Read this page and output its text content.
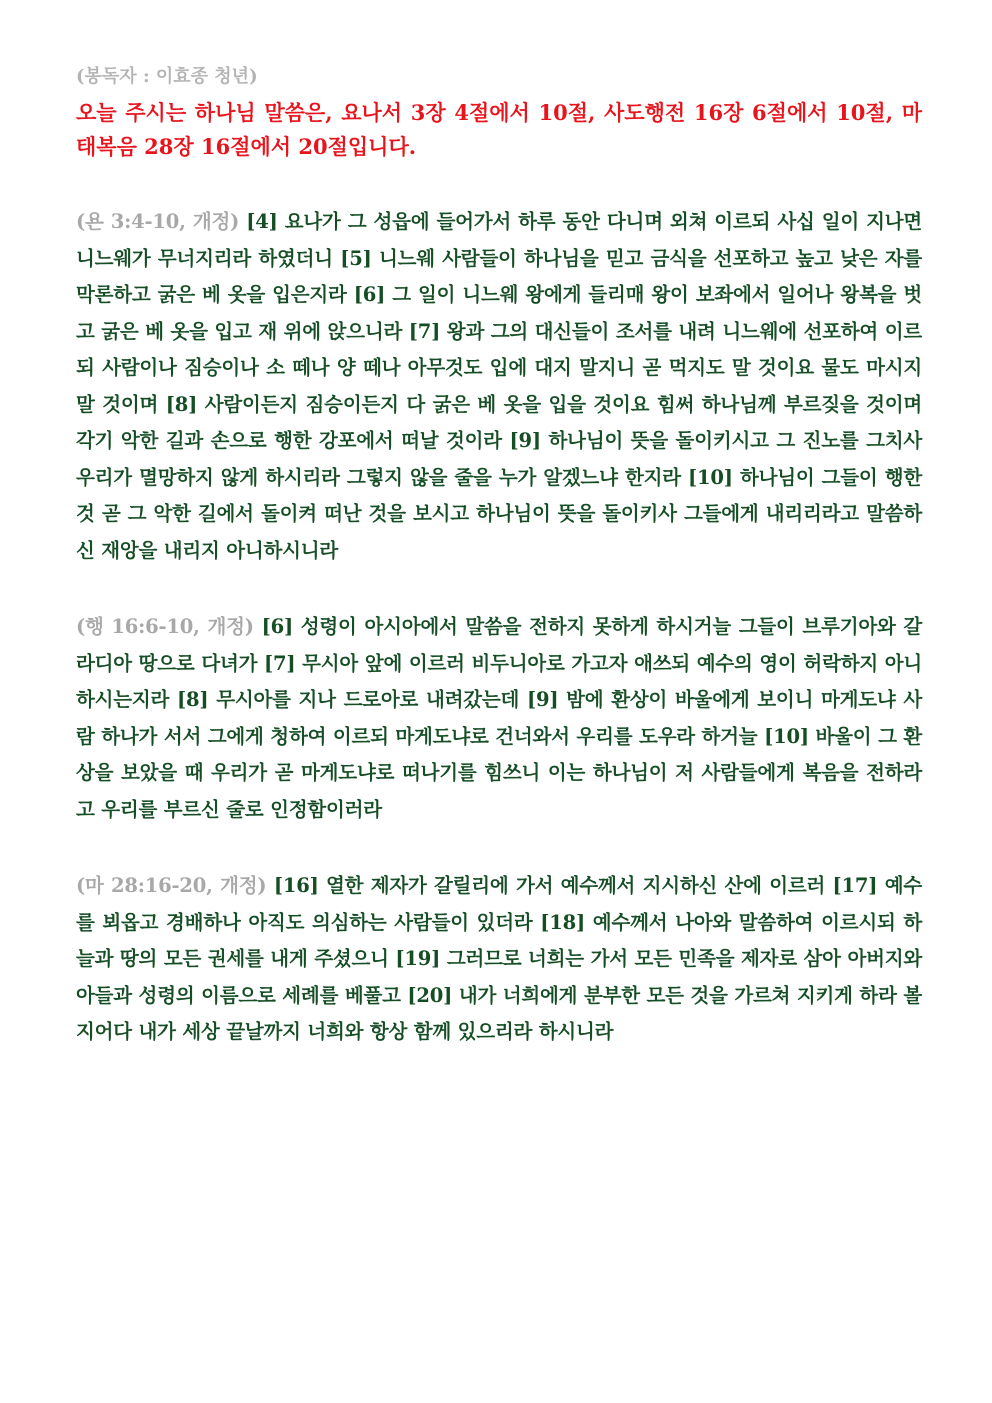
(봉독자 : 이효종 청년)

오늘 주시는 하나님 말씀은, 요나서 3장 4절에서 10절, 사도행전 16장 6절에서 10절, 마태복음 28장 16절에서 20절입니다.

(욘 3:4-10, 개정) [4] 요나가 그 성읍에 들어가서 하루 동안 다니며 외쳐 이르되 사십 일이 지나면 니느웨가 무너지리라 하였더니 [5] 니느웨 사람들이 하나님을 믿고 금식을 선포하고 높고 낮은 자를 막론하고 굵은 베 옷을 입은지라 [6] 그 일이 니느웨 왕에게 들리매 왕이 보좌에서 일어나 왕복을 벗고 굵은 베 옷을 입고 재 위에 앉으니라 [7] 왕과 그의 대신들이 조서를 내려 니느웨에 선포하여 이르되 사람이나 짐승이나 소 떼나 양 떼나 아무것도 입에 대지 말지니 곧 먹지도 말 것이요 물도 마시지 말 것이며 [8] 사람이든지 짐승이든지 다 굵은 베 옷을 입을 것이요 힘써 하나님께 부르짖을 것이며 각기 악한 길과 손으로 행한 강포에서 떠날 것이라 [9] 하나님이 뜻을 돌이키시고 그 진노를 그치사 우리가 멸망하지 않게 하시리라 그렇지 않을 줄을 누가 알겠느냐 한지라 [10] 하나님이 그들이 행한 것 곧 그 악한 길에서 돌이켜 떠난 것을 보시고 하나님이 뜻을 돌이키사 그들에게 내리리라고 말씀하신 재앙을 내리지 아니하시니라

(행 16:6-10, 개정) [6] 성령이 아시아에서 말씀을 전하지 못하게 하시거늘 그들이 브루기아와 갈라디아 땅으로 다녀가 [7] 무시아 앞에 이르러 비두니아로 가고자 애쓰되 예수의 영이 허락하지 아니하시는지라 [8] 무시아를 지나 드로아로 내려갔는데 [9] 밤에 환상이 바울에게 보이니 마게도냐 사람 하나가 서서 그에게 청하여 이르되 마게도냐로 건너와서 우리를 도우라 하거늘 [10] 바울이 그 환상을 보았을 때 우리가 곧 마게도냐로 떠나기를 힘쓰니 이는 하나님이 저 사람들에게 복음을 전하라고 우리를 부르신 줄로 인정함이러라

(마 28:16-20, 개정) [16] 열한 제자가 갈릴리에 가서 예수께서 지시하신 산에 이르러 [17] 예수를 뵈옵고 경배하나 아직도 의심하는 사람들이 있더라 [18] 예수께서 나아와 말씀하여 이르시되 하늘과 땅의 모든 권세를 내게 주셨으니 [19] 그러므로 너희는 가서 모든 민족을 제자로 삼아 아버지와 아들과 성령의 이름으로 세례를 베풀고 [20] 내가 너희에게 분부한 모든 것을 가르쳐 지키게 하라 볼지어다 내가 세상 끝날까지 너희와 항상 함께 있으리라 하시니라
